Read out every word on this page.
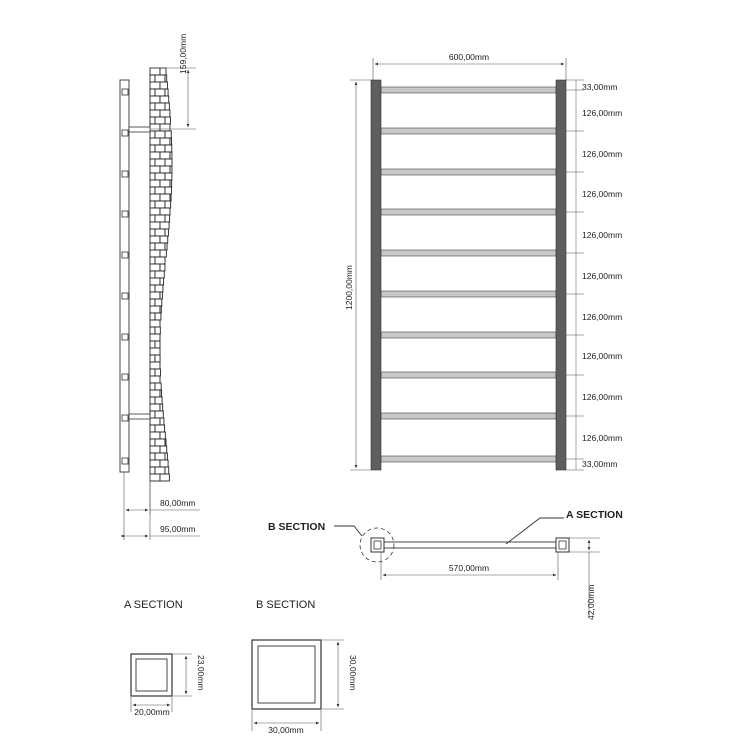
159,00mm
80,00mm
95,00mm
600,00mm
1200,00mm
33,00mm
126,00mm
126,00mm
126,00mm
126,00mm
126,00mm
126,00mm
126,00mm
126,00mm
126,00mm
33,00mm
B SECTION
A SECTION
570,00mm
42,00mm
A SECTION
20,00mm
23,00mm
B SECTION
30,00mm
30,00mm
